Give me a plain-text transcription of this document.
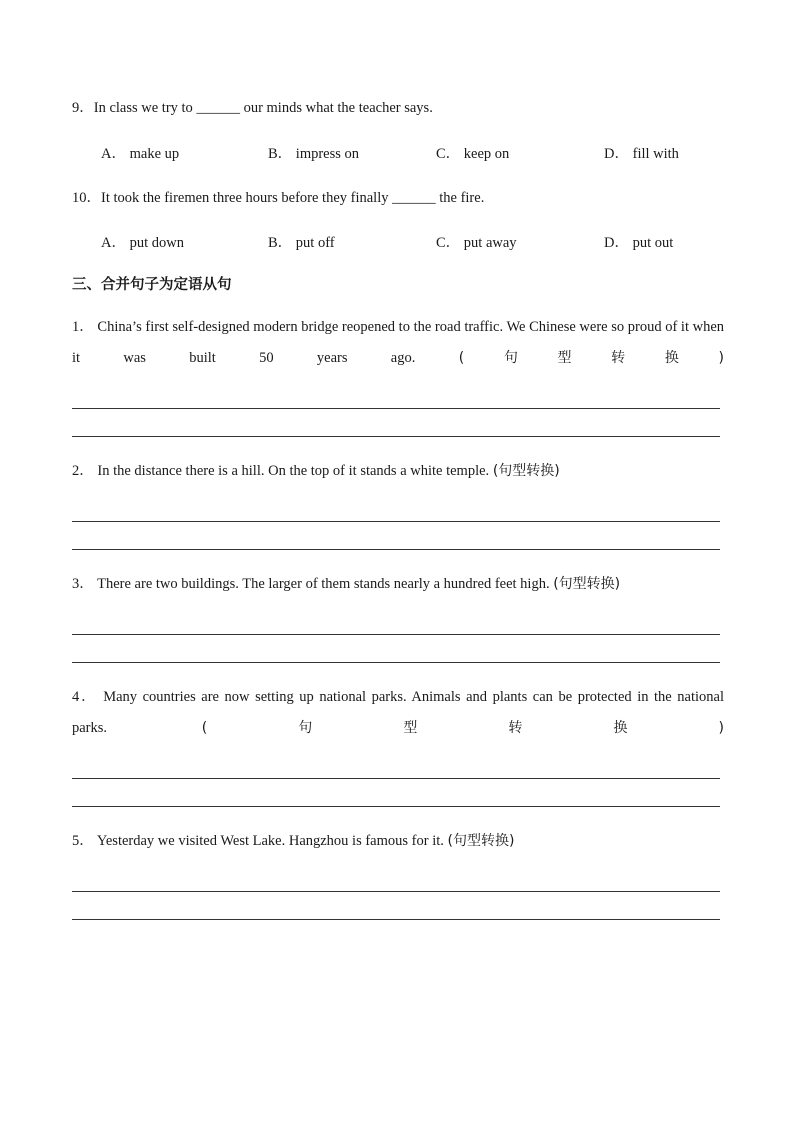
9．In class we try to ______ our minds what the teacher says.
A． make up	B． impress on	C． keep on	D． fill with
10．It took the firemen three hours before they finally ______ the fire.
A． put down	B． put off	C． put away	D． put out
三、合并句子为定语从句
1． China’s first self-designed modern bridge reopened to the road traffic. We Chinese were so proud of it when it was built 50 years ago.	(句型转换)
2． In the distance there is a hill. On the top of it stands a white temple. (句型转换)
3． There are two buildings. The larger of them stands nearly a hundred feet high. (句型转换)
4． Many countries are now setting up national parks. Animals and plants can be protected in the national parks.	(句型转换)
5． Yesterday we visited West Lake. Hangzhou is famous for it. (句型转换)
